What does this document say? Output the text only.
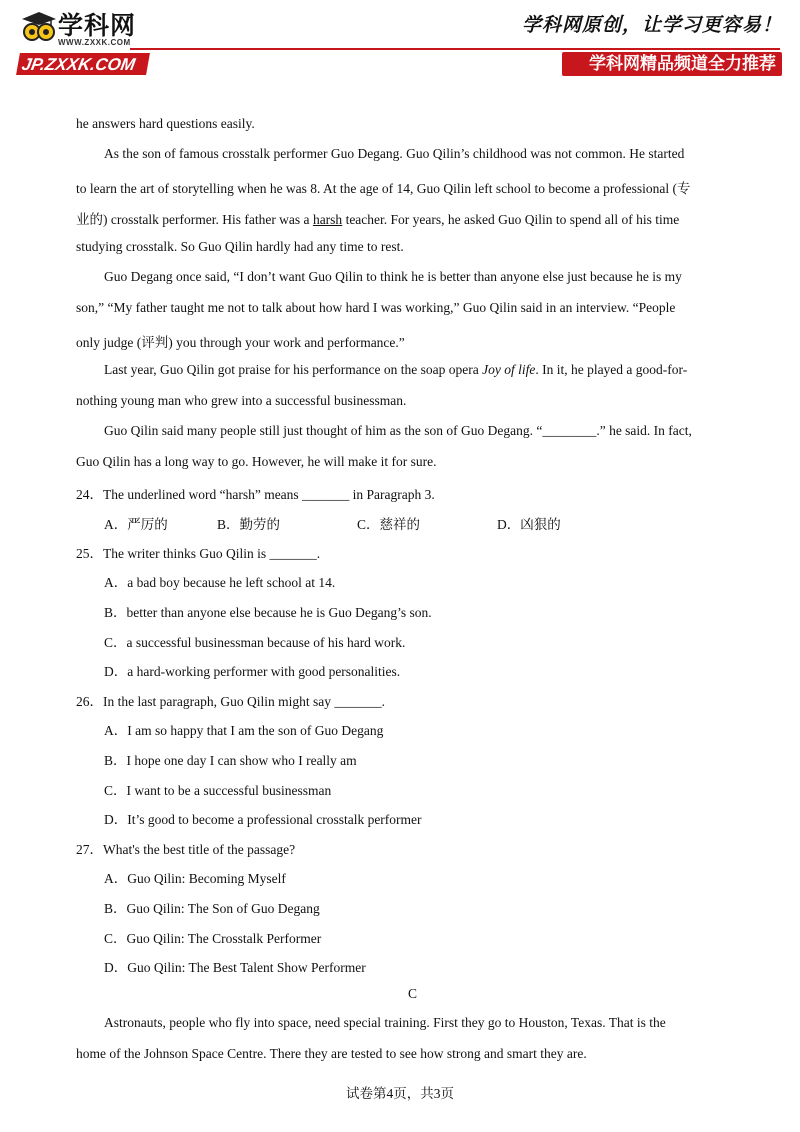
学科网
WWW.ZXXK.COM
JP.ZXXK.COM
学科网原创，让学习更容易！
学科网精品频道全力推荐
he answers hard questions easily.
As the son of famous crosstalk performer Guo Degang. Guo Qilin’s childhood was not common. He started
to learn the art of storytelling when he was 8. At the age of 14, Guo Qilin left school to become a professional (专
业的) crosstalk performer. His father was a harsh teacher. For years, he asked Guo Qilin to spend all of his time
studying crosstalk. So Guo Qilin hardly had any time to rest.
Guo Degang once said, “I don’t want Guo Qilin to think he is better than anyone else just because he is my
son,” “My father taught me not to talk about how hard I was working,” Guo Qilin said in an interview. “People
only judge (评判) you through your work and performance.”
Last year, Guo Qilin got praise for his performance on the soap opera Joy of life. In it, he played a good-for-
nothing young man who grew into a successful businessman.
Guo Qilin said many people still just thought of him as the son of Guo Degang. “________.” he said. In fact,
Guo Qilin has a long way to go. However, he will make it for sure.
24．The underlined word “harsh” means _______ in Paragraph 3.
A．严厉的	B．勤劳的	C．慈祥的	D．凶狠的
25．The writer thinks Guo Qilin is _______.
A．a bad boy because he left school at 14.
B．better than anyone else because he is Guo Degang’s son.
C．a successful businessman because of his hard work.
D．a hard-working performer with good personalities.
26．In the last paragraph, Guo Qilin might say _______.
A．I am so happy that I am the son of Guo Degang
B．I hope one day I can show who I really am
C．I want to be a successful businessman
D．It’s good to become a professional crosstalk performer
27．What's the best title of the passage?
A．Guo Qilin: Becoming Myself
B．Guo Qilin: The Son of Guo Degang
C．Guo Qilin: The Crosstalk Performer
D．Guo Qilin: The Best Talent Show Performer
C
Astronauts, people who fly into space, need special training. First they go to Houston, Texas. That is the
home of the Johnson Space Centre. There they are tested to see how strong and smart they are.
试卷第4页，共3页
